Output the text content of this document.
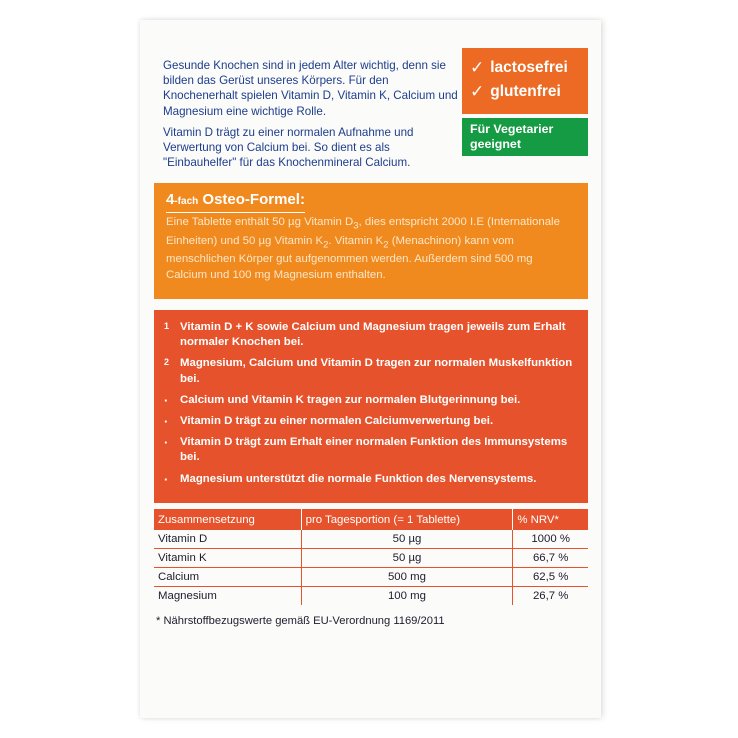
Gesunde Knochen sind in jedem Alter wichtig, denn sie bilden das Gerüst unseres Körpers. Für den Knochenerhalt spielen Vitamin D, Vitamin K, Calcium und Magnesium eine wichtige Rolle.

Vitamin D trägt zu einer normalen Aufnahme und Verwertung von Calcium bei. So dient es als "Einbauhelfer" für das Knochenmineral Calcium.

✓ lactosefrei
✓ glutenfrei
Für Vegetarier geeignet
4-fach Osteo-Formel:
Eine Tablette enthält 50 µg Vitamin $D_3$, dies entspricht 2000 I.E (Internationale Einheiten) und 50 µg Vitamin $K_2$. Vitamin $K_2$ (Menachinon) kann vom menschlichen Körper gut aufgenommen werden. Außerdem sind 500 mg Calcium und 100 mg Magnesium enthalten.
1 Vitamin D + K sowie Calcium und Magnesium tragen jeweils zum Erhalt normaler Knochen bei.
2 Magnesium, Calcium und Vitamin D tragen zur normalen Muskelfunktion bei.
·	Calcium und Vitamin K tragen zur normalen Blutgerinnung bei.
·	Vitamin D trägt zu einer normalen Calciumverwertung bei.
·	Vitamin D trägt zum Erhalt einer normalen Funktion des Immunsystems bei.
·	Magnesium unterstützt die normale Funktion des Nervensystems.
Zusammensetzung	pro Tagesportion (= 1 Tablette)	% NRV*
Vitamin D	50 µg	1000 %
Vitamin K	50 µg	66,7 %
Calcium	500 mg	62,5 %
Magnesium	100 mg	26,7 %
* Nährstoffbezugswerte gemäß EU-Verordnung 1169/2011
